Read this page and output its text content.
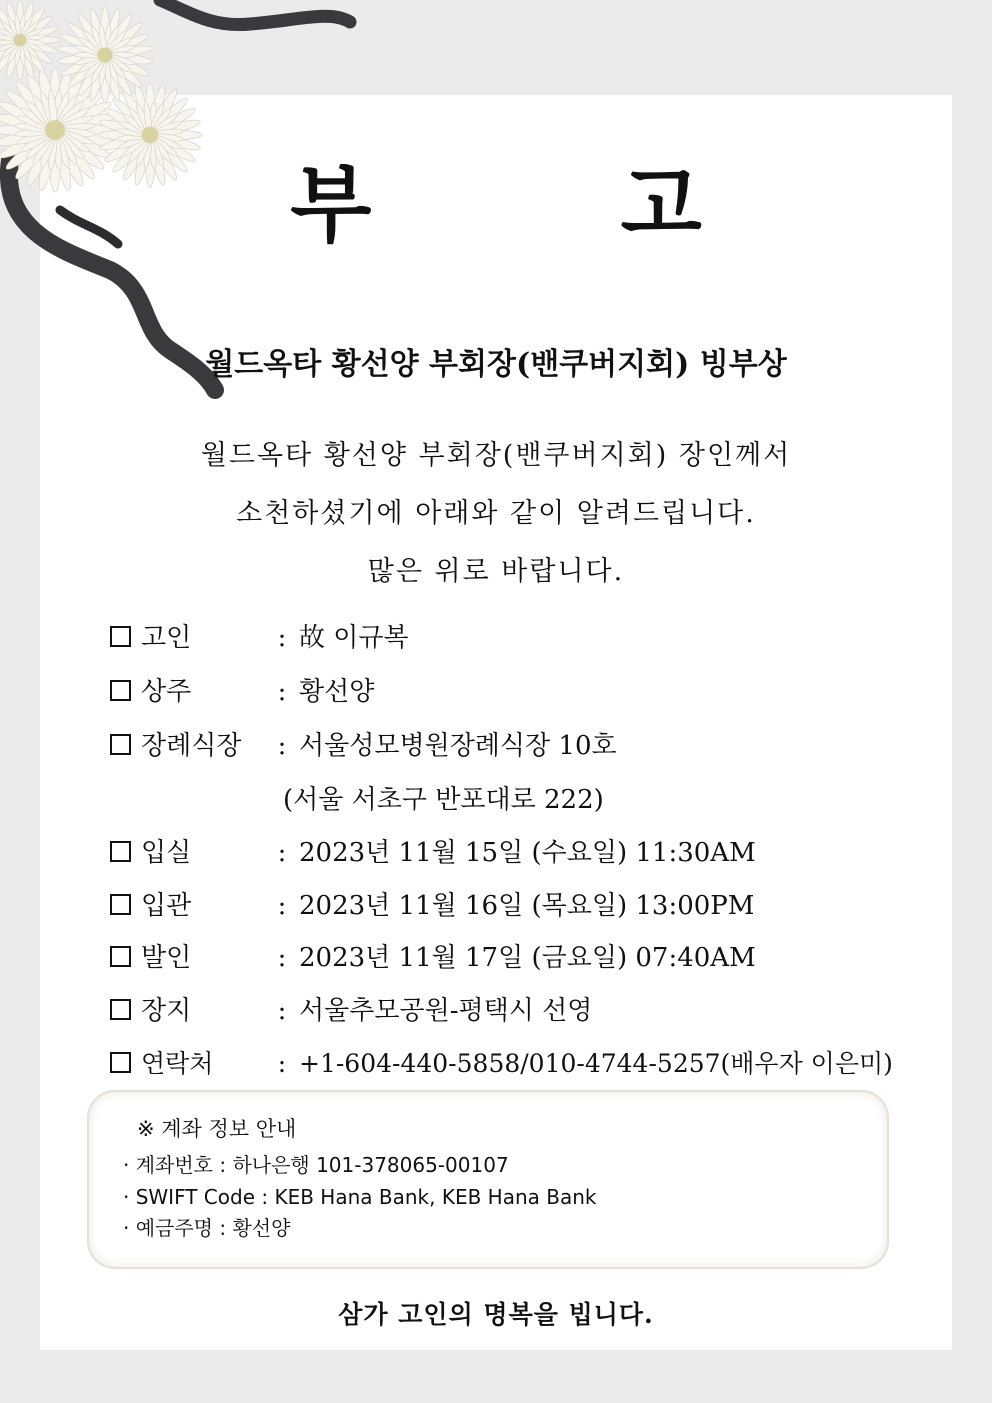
부 고
월드옥타 황선양 부회장(밴쿠버지회) 빙부상
월드옥타 황선양 부회장(밴쿠버지회) 장인께서
소천하셨기에 아래와 같이 알려드립니다.
많은 위로 바랍니다.
고인	: 故 이규복
상주	: 황선양
장례식장 : 서울성모병원장례식장 10호
(서울 서초구 반포대로 222)
입실	: 2023년 11월 15일 (수요일) 11:30AM
입관	: 2023년 11월 16일 (목요일) 13:00PM
발인	: 2023년 11월 17일 (금요일) 07:40AM
장지	: 서울추모공원-평택시 선영
연락처	: +1-604-440-5858/010-4744-5257(배우자 이은미)
※ 계좌 정보 안내
· 계좌번호 : 하나은행 101-378065-00107
· SWIFT Code : KEB Hana Bank, KEB Hana Bank
· 예금주명 : 황선양
삼가 고인의 명복을 빕니다.
